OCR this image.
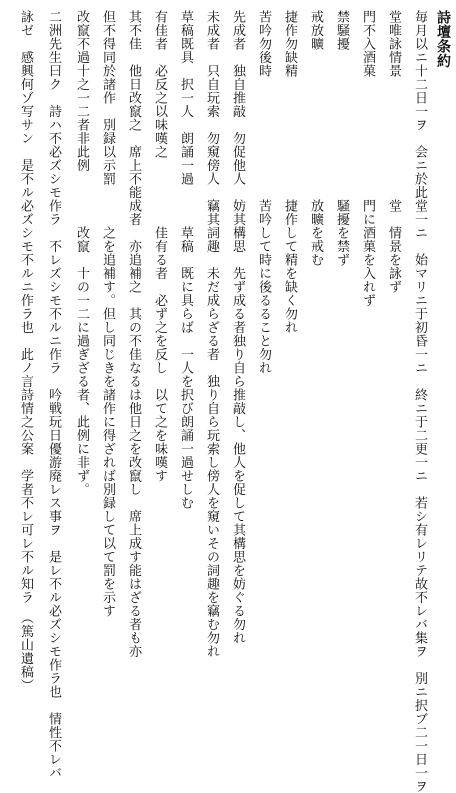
詩壇条約
毎月以ニ十二日一ヲ　会ニ於此堂一ニ　始マリニ于初昏一ニ　終ニ于二更一ニ　若シ有レリテ故不レバ集ヲ　別ニ択ブ二一日一ヲ
堂唯詠情景　　　　　　　　　堂　情景を詠ず
門不入酒菓　　　　　　　　　門に酒菓を入れず
禁騒擾　　　　　　　　　　　騒擾を禁ず
戒放曠　　　　　　　　　　　放曠を戒む
捷作勿缺精　　　　　　　　　捷作して精を缺く勿れ
苦吟勿後時　　　　　　　　　苦吟して時に後るること勿れ
先成者　独自推敲　勿促他人　妨其構思　先ず成る者独り自ら推敲し、他人を促して其構思を妨ぐる勿れ
未成者　只自玩索　勿窺傍人　竊其詞趣　未だ成らざる者　独り自ら玩索し傍人を窺いその詞趣を竊む勿れ
草稿既具　択一人　朗誦一過　　　草稿　既に具らば　一人を択び朗誦一過せしむ
有佳者　必反之以味嘆之　　　　　佳有る者　必ず之を反し　以て之を味嘆す
其不佳　他日改竄之　席上不能成者　亦追補之　其の不佳なるは他日之を改竄し　席上成す能はざる者も亦
但不得同於諸作　別録以示罰　　　之を追補す。但し同じきを諸作に得ざれば別録して以て罰を示す
改竄不過十之一二者非此例　　　　改竄　十の一二に過ぎざる者、此例に非ず。
二洲先生曰ク　詩ハ不必ズシモ作ラ　不レズシモ不ルニ作ラ　吟戦玩日優游廃レス事ヲ　是レ不ル必ズシモ作ラ也　情性不レバ
詠ゼ　感興何ゾ写サン　是不ル必ズシモ不ルニ作ラ也　此ノ言詩情之公案　学者不レ可レ不ル知ラ　（篤山遺稿）
